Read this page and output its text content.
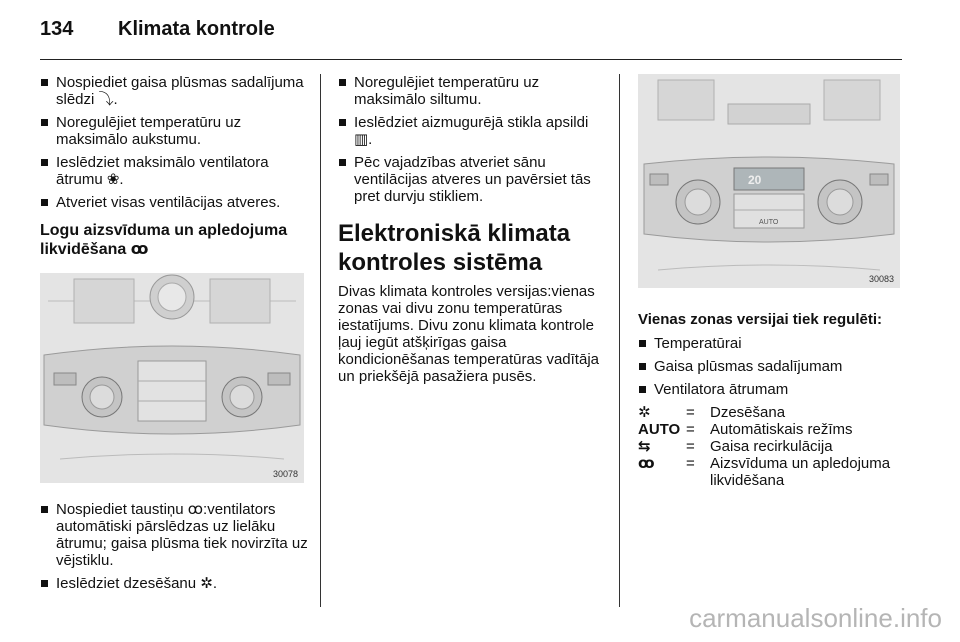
134 Klimata kontrole
Nospiediet gaisa plūsmas sadalījuma slēdzi ⤵.
Noregulējiet temperatūru uz maksimālo aukstumu.
Ieslēdziet maksimālo ventilatora ātrumu ❀.
Atveriet visas ventilācijas atveres.
Logu aizsvīduma un apledojuma likvidēšana ꝏ
30078
Nospiediet taustiņu ꝏ:ventilators automātiski pārslēdzas uz lielāku ātrumu; gaisa plūsma tiek novirzīta uz vējstiklu.
Ieslēdziet dzesēšanu ✲.
Noregulējiet temperatūru uz maksimālo siltumu.
Ieslēdziet aizmugurējā stikla apsildi ▥.
Pēc vajadzības atveriet sānu ventilācijas atveres un pavērsiet tās pret durvju stikliem.
Elektroniskā klimata kontroles sistēma

Divas klimata kontroles versijas:vienas zonas vai divu zonu temperatūras iestatījums. Divu zonu klimata kontrole ļauj iegūt atšķirīgas gaisa kondicionēšanas temperatūras vadītāja un priekšējā pasažiera pusēs.

20
AUTO
30083
Vienas zonas versijai tiek regulēti:
Temperatūrai
Gaisa plūsmas sadalījumam
Ventilatora ātrumam
✲	=	Dzesēšana
AUTO =	Automātiskais režīms
⇆	=	Gaisa recirkulācija
ꝏ	=	Aizsvīduma un apledojuma likvidēšana
carmanualsonline.info
